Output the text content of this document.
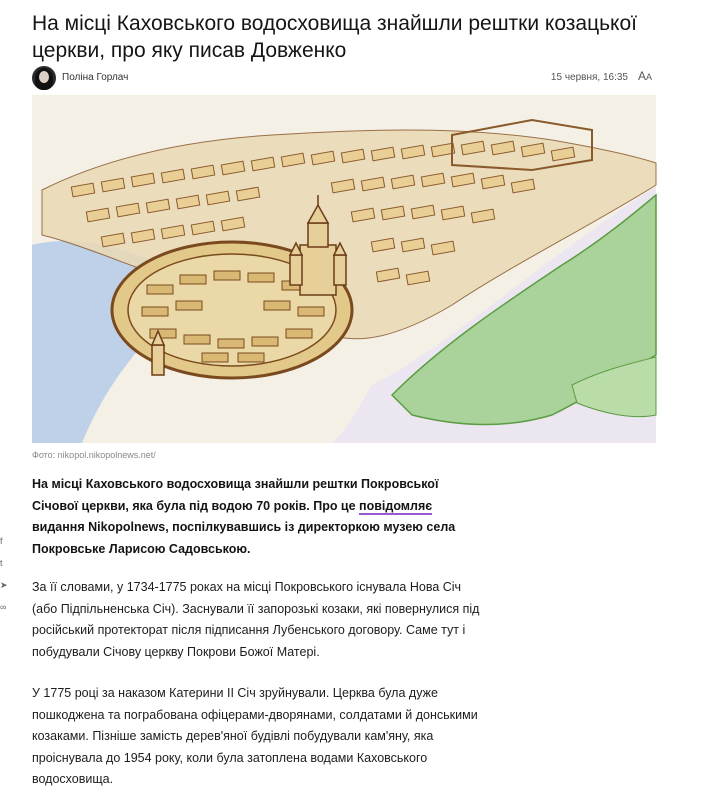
На місці Каховського водосховища знайшли рештки козацької церкви, про яку писав Довженко
Поліна Горлач	15 червня, 16:35 AA
Фото: nikopol.nikopolnews.net/

На місці Каховського водосховища знайшли рештки Покровської Січової церкви, яка була під водою 70 років. Про це повідомляє видання Nikopolnews, поспілкувавшись із директоркою музею села Покровське Ларисою Садовською.

f
t
➤
∞

За її словами, у 1734-1775 роках на місці Покровського існувала Нова Січ (або Підпільненська Січ). Заснували її запорозькі козаки, які повернулися під російський протекторат після підписання Лубенського договору. Саме тут і побудували Січову церкву Покрови Божої Матері.

У 1775 році за наказом Катерини ІІ Січ зруйнували. Церква була дуже пошкоджена та пограбована офіцерами-дворянами, солдатами й донськими козаками. Пізніше замість дерев'яної будівлі побудували кам'яну, яка проіснувала до 1954 року, коли була затоплена водами Каховського водосховища.
